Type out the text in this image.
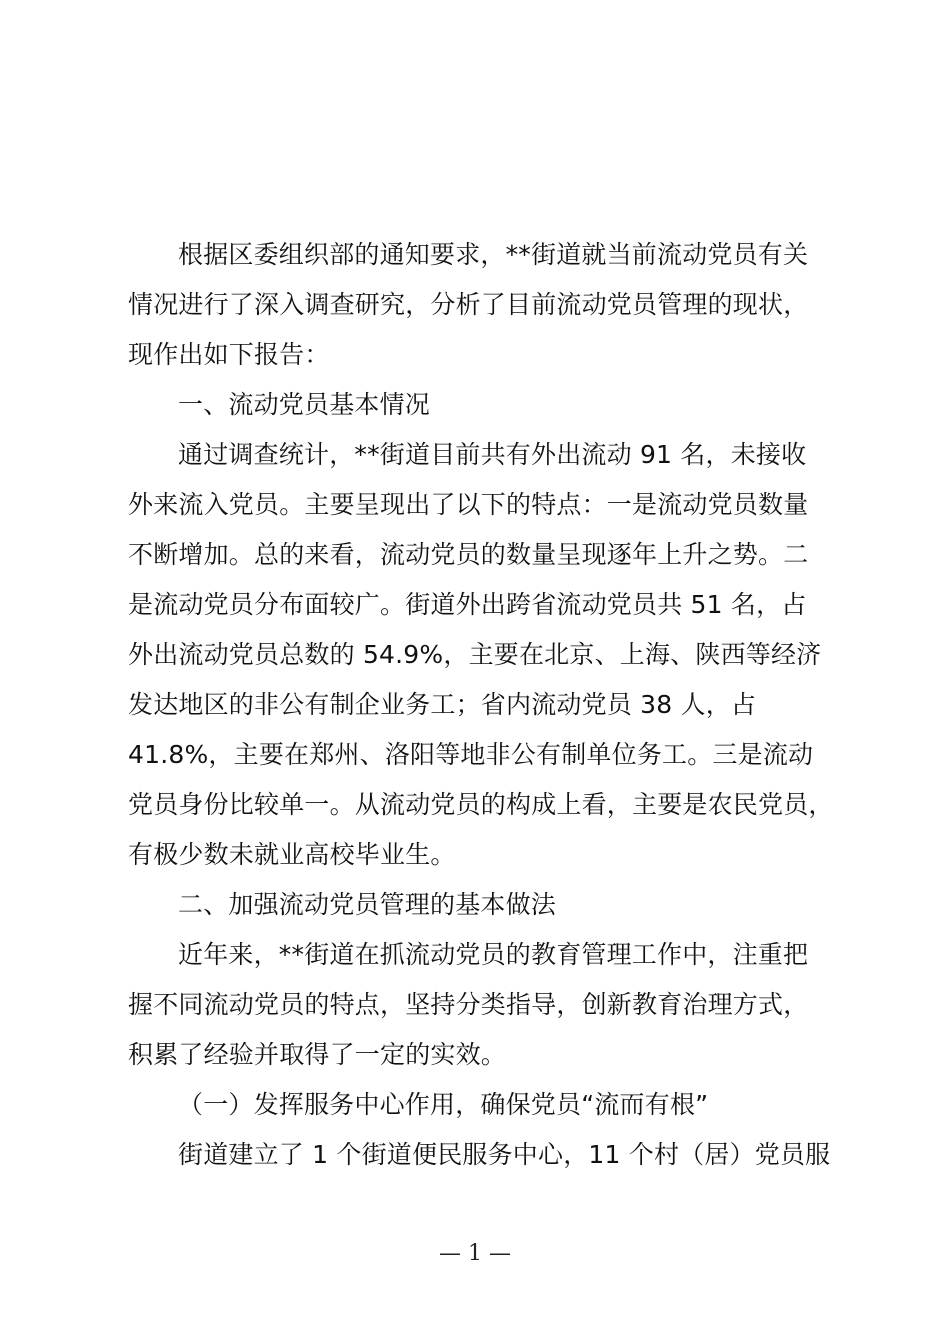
根据区委组织部的通知要求，**街道就当前流动党员有关
情况进行了深入调查研究，分析了目前流动党员管理的现状，
现作出如下报告：
一、流动党员基本情况
通过调查统计，**街道目前共有外出流动 91 名，未接收
外来流入党员。主要呈现出了以下的特点：一是流动党员数量
不断增加。总的来看，流动党员的数量呈现逐年上升之势。二
是流动党员分布面较广。街道外出跨省流动党员共 51 名，占
外出流动党员总数的 54.9%，主要在北京、上海、陕西等经济
发达地区的非公有制企业务工；省内流动党员 38 人，占
41.8%，主要在郑州、洛阳等地非公有制单位务工。三是流动
党员身份比较单一。从流动党员的构成上看，主要是农民党员，
有极少数未就业高校毕业生。
二、加强流动党员管理的基本做法
近年来，**街道在抓流动党员的教育管理工作中，注重把
握不同流动党员的特点，坚持分类指导，创新教育治理方式，
积累了经验并取得了一定的实效。
（一）发挥服务中心作用，确保党员“流而有根”
街道建立了 1 个街道便民服务中心，11 个村（居）党员服
— 1 —
